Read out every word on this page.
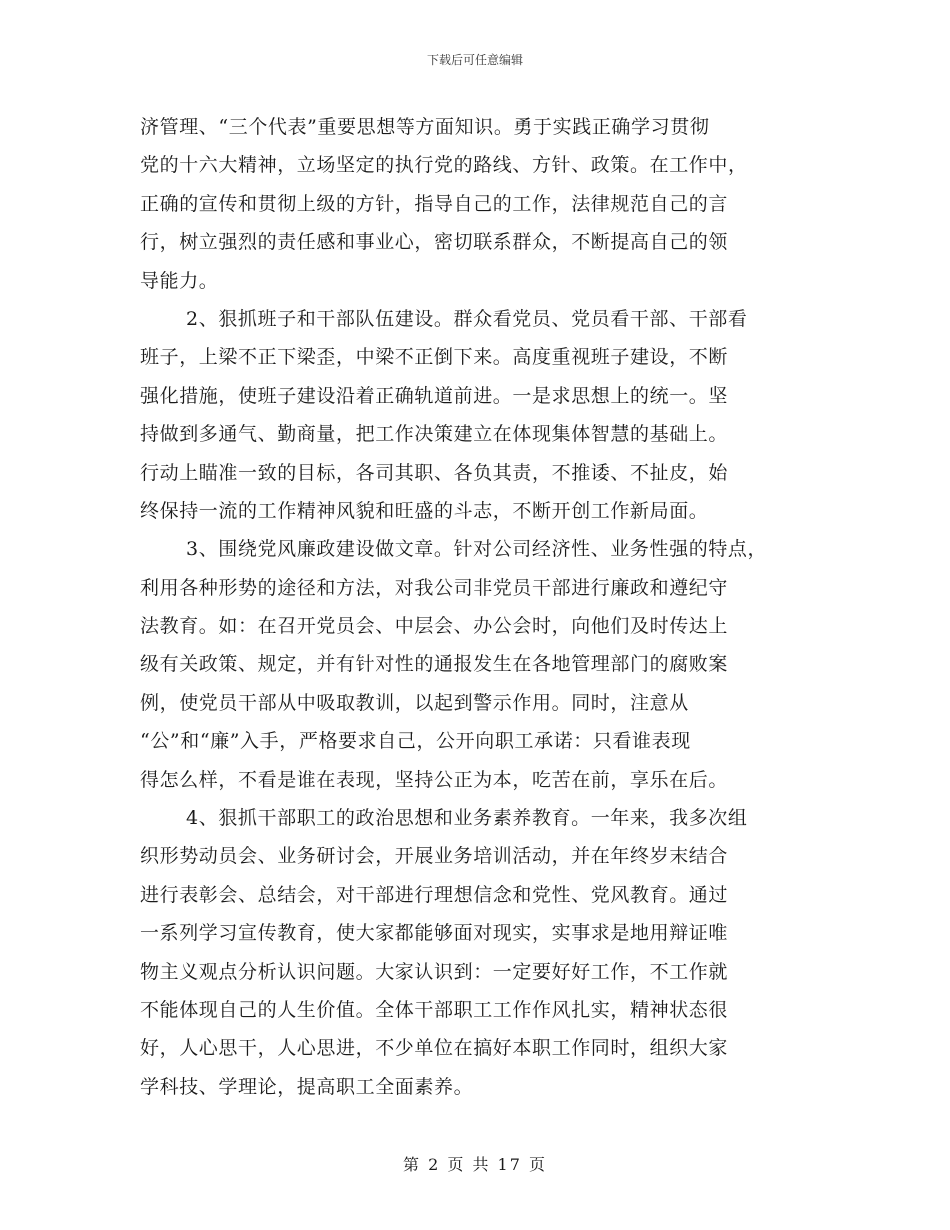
下载后可任意编辑
济管理、“三个代表”重要思想等方面知识。勇于实践正确学习贯彻
党的十六大精神，立场坚定的执行党的路线、方针、政策。在工作中，
正确的宣传和贯彻上级的方针，指导自己的工作，法律规范自己的言
行，树立强烈的责任感和事业心，密切联系群众，不断提高自己的领
导能力。
2、狠抓班子和干部队伍建设。群众看党员、党员看干部、干部看
班子，上梁不正下梁歪，中梁不正倒下来。高度重视班子建设，不断
强化措施，使班子建设沿着正确轨道前进。一是求思想上的统一。坚
持做到多通气、勤商量，把工作决策建立在体现集体智慧的基础上。
行动上瞄准一致的目标，各司其职、各负其责，不推诿、不扯皮，始
终保持一流的工作精神风貌和旺盛的斗志，不断开创工作新局面。
3、围绕党风廉政建设做文章。针对公司经济性、业务性强的特点，
利用各种形势的途径和方法，对我公司非党员干部进行廉政和遵纪守
法教育。如：在召开党员会、中层会、办公会时，向他们及时传达上
级有关政策、规定，并有针对性的通报发生在各地管理部门的腐败案
例，使党员干部从中吸取教训，以起到警示作用。同时，注意从
“公”和“廉”入手，严格要求自己，公开向职工承诺：只看谁表现
得怎么样，不看是谁在表现，坚持公正为本，吃苦在前，享乐在后。
4、狠抓干部职工的政治思想和业务素养教育。一年来，我多次组
织形势动员会、业务研讨会，开展业务培训活动，并在年终岁末结合
进行表彰会、总结会，对干部进行理想信念和党性、党风教育。通过
一系列学习宣传教育，使大家都能够面对现实，实事求是地用辩证唯
物主义观点分析认识问题。大家认识到：一定要好好工作，不工作就
不能体现自己的人生价值。全体干部职工工作作风扎实，精神状态很
好，人心思干，人心思进，不少单位在搞好本职工作同时，组织大家
学科技、学理论，提高职工全面素养。
第 2 页 共 17 页
